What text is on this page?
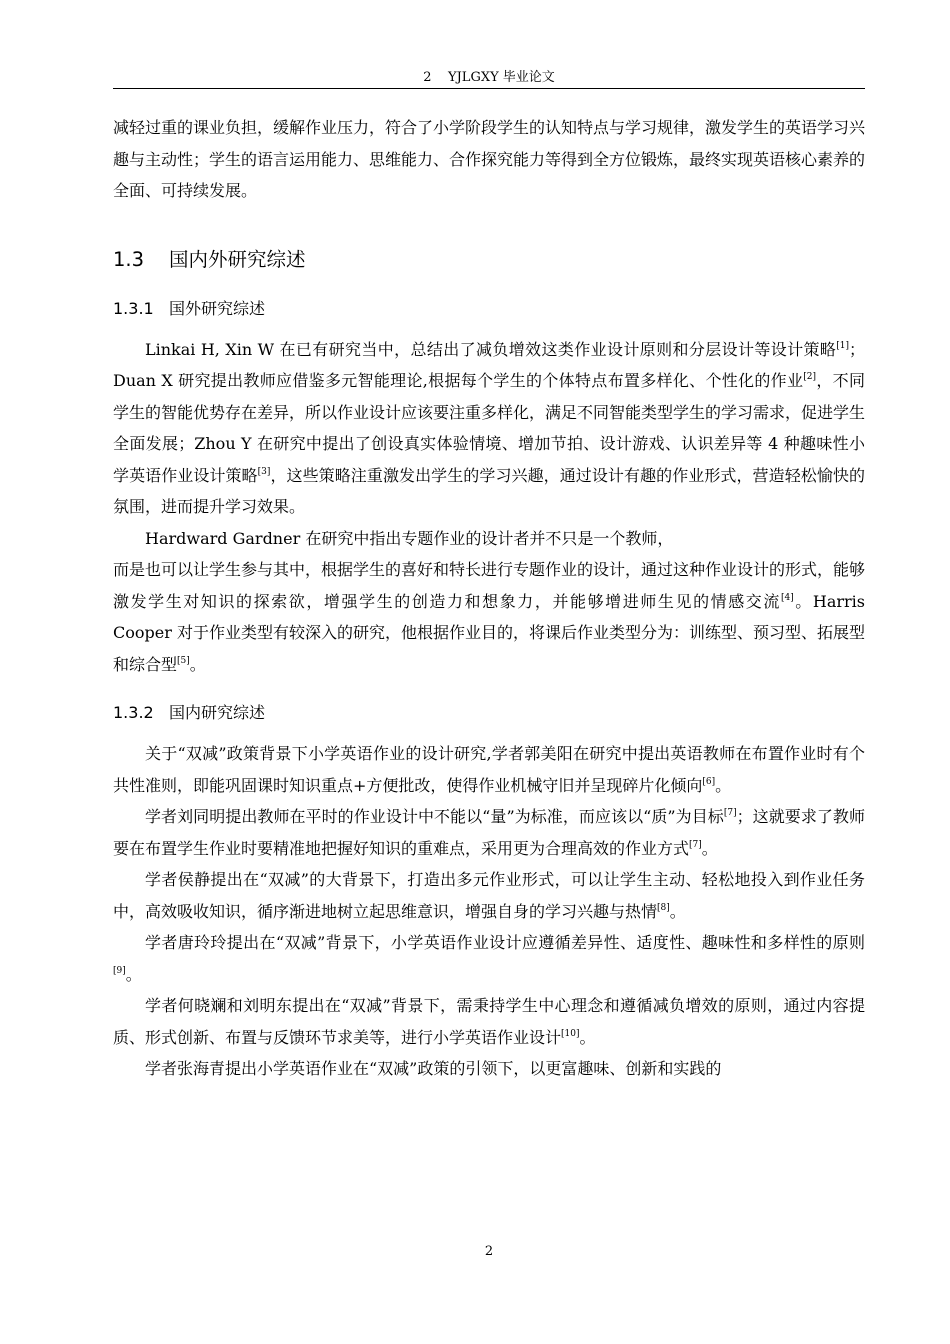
2 YJLGXY 毕业论文

减轻过重的课业负担，缓解作业压力，符合了小学阶段学生的认知特点与学习规律，激发学生的英语学习兴趣与主动性；学生的语言运用能力、思维能力、合作探究能力等得到全方位锻炼，最终实现英语核心素养的全面、可持续发展。

1.3 国内外研究综述

1.3.1 国外研究综述

Linkai H, Xin W 在已有研究当中，总结出了减负增效这类作业设计原则和分层设计等设计策略[1]；Duan X 研究提出教师应借鉴多元智能理论,根据每个学生的个体特点布置多样化、个性化的作业[2]，不同学生的智能优势存在差异，所以作业设计应该要注重多样化，满足不同智能类型学生的学习需求，促进学生全面发展；Zhou Y 在研究中提出了创设真实体验情境、增加节拍、设计游戏、认识差异等 4 种趣味性小学英语作业设计策略[3]，这些策略注重激发出学生的学习兴趣，通过设计有趣的作业形式，营造轻松愉快的氛围，进而提升学习效果。

Hardward Gardner 在研究中指出专题作业的设计者并不只是一个教师，

而是也可以让学生参与其中，根据学生的喜好和特长进行专题作业的设计，通过这种作业设计的形式，能够激发学生对知识的探索欲，增强学生的创造力和想象力，并能够增进师生见的情感交流[4]。Harris Cooper 对于作业类型有较深入的研究，他根据作业目的，将课后作业类型分为：训练型、预习型、拓展型和综合型[5]。

1.3.2 国内研究综述

关于“双减”政策背景下小学英语作业的设计研究,学者郭美阳在研究中提出英语教师在布置作业时有个共性准则，即能巩固课时知识重点+方便批改，使得作业机械守旧并呈现碎片化倾向[6]。

学者刘同明提出教师在平时的作业设计中不能以“量”为标准，而应该以“质”为目标[7]；这就要求了教师要在布置学生作业时要精准地把握好知识的重难点，采用更为合理高效的作业方式[7]。

学者侯静提出在“双减”的大背景下，打造出多元作业形式，可以让学生主动、轻松地投入到作业任务中，高效吸收知识，循序渐进地树立起思维意识，增强自身的学习兴趣与热情[8]。

学者唐玲玲提出在“双减”背景下，小学英语作业设计应遵循差异性、适度性、趣味性和多样性的原则[9]。

学者何晓斓和刘明东提出在“双减”背景下，需秉持学生中心理念和遵循减负增效的原则，通过内容提质、形式创新、布置与反馈环节求美等，进行小学英语作业设计[10]。

学者张海青提出小学英语作业在“双减”政策的引领下，以更富趣味、创新和实践的

2
